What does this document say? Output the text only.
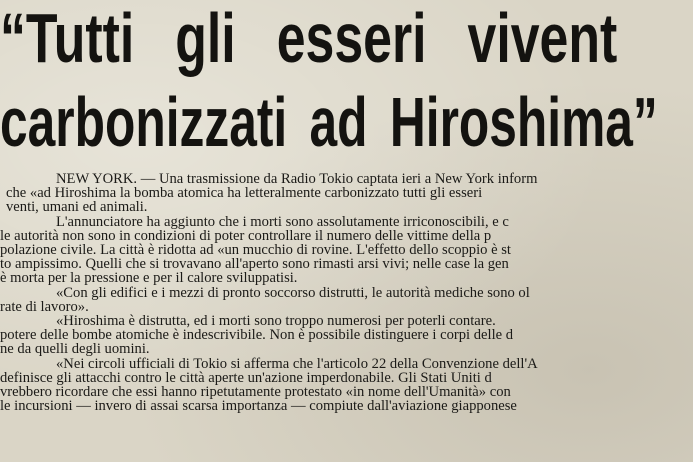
“Tutti gli esseri vivent
carbonizzati ad Hiroshima”
NEW YORK. — Una trasmissione da Radio Tokio captata ieri a New York inform
che «ad Hiroshima la bomba atomica ha letteralmente carbonizzato tutti gli esseri
venti, umani ed animali.
L'annunciatore ha aggiunto che i morti sono assolutamente irriconoscibili, e c
le autorità non sono in condizioni di poter controllare il numero delle vittime della p
polazione civile. La città è ridotta ad «un mucchio di rovine. L'effetto dello scoppio è st
to ampissimo. Quelli che si trovavano all'aperto sono rimasti arsi vivi; nelle case la gen
è morta per la pressione e per il calore sviluppatisi.
«Con gli edifici e i mezzi di pronto soccorso distrutti, le autorità mediche sono ol
rate di lavoro».
«Hiroshima è distrutta, ed i morti sono troppo numerosi per poterli contare.
potere delle bombe atomiche è indescrivibile. Non è possibile distinguere i corpi delle d
ne da quelli degli uomini.
«Nei circoli ufficiali di Tokio si afferma che l'articolo 22 della Convenzione dell'A
definisce gli attacchi contro le città aperte un'azione imperdonabile. Gli Stati Uniti d
vrebbero ricordare che essi hanno ripetutamente protestato «in nome dell'Umanità» con
le incursioni — invero di assai scarsa importanza — compiute dall'aviazione giapponese
